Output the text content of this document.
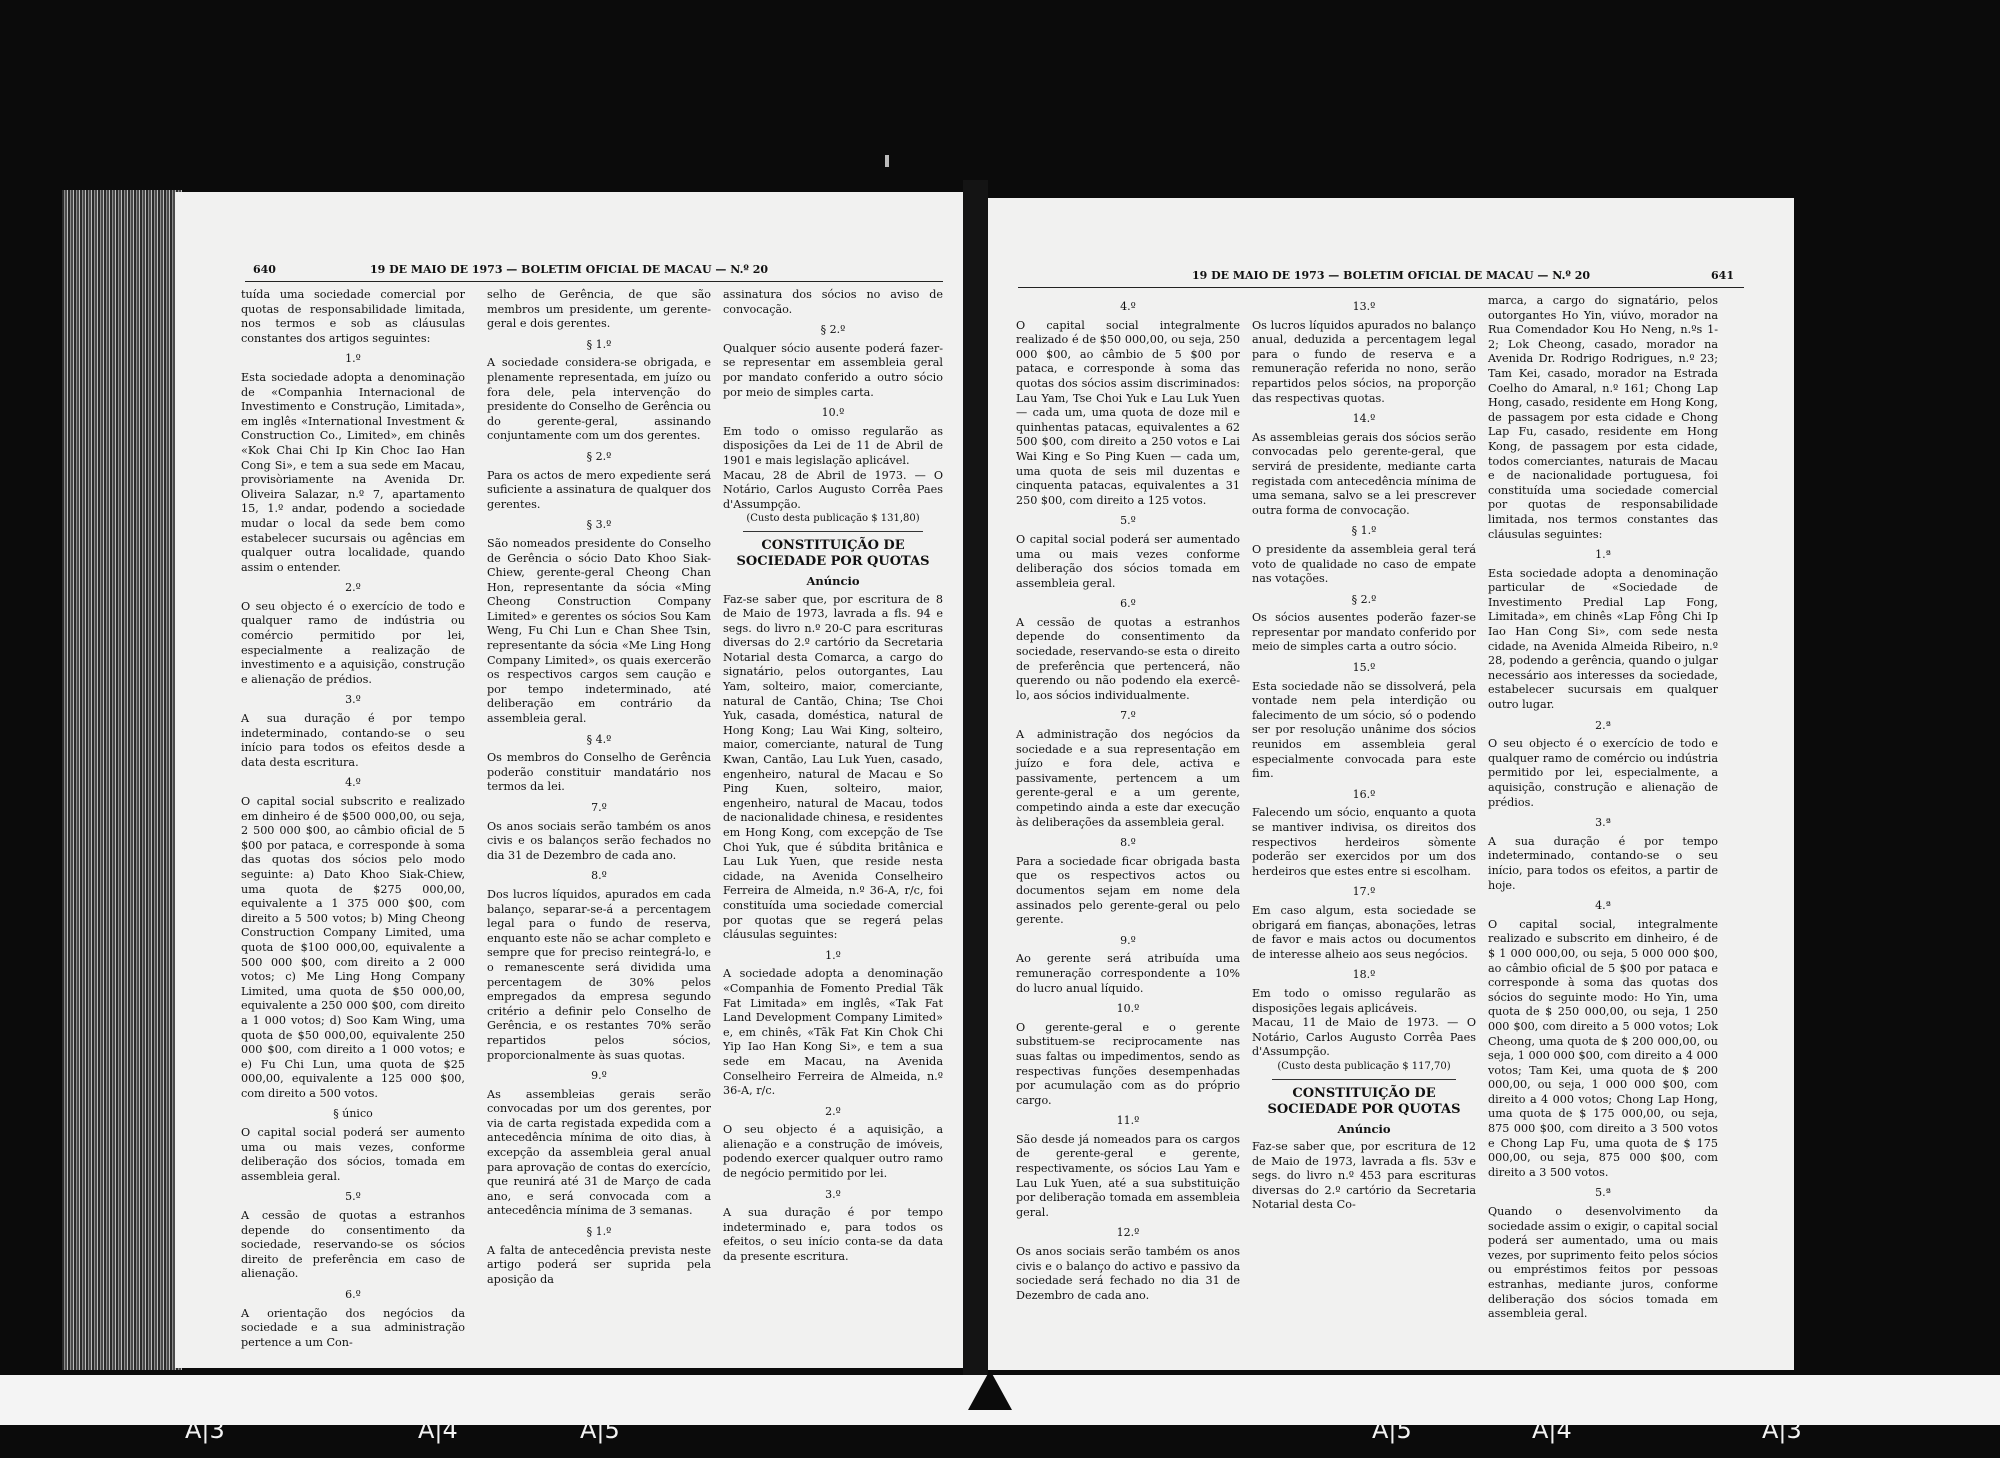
640	19 DE MAIO DE 1973 — BOLETIM OFICIAL DE MACAU — N.º 20
tuída uma sociedade comercial por quotas de responsabilidade limitada, nos termos e sob as cláusulas constantes dos artigos seguintes:
1.º
Esta sociedade adopta a denominação de «Companhia Internacional de Investimento e Construção, Limitada», em inglês «International Investment & Construction Co., Limited», em chinês «Kok Chai Chi Ip Kin Choc Iao Han Cong Si», e tem a sua sede em Macau, provisòriamente na Avenida Dr. Oliveira Salazar, n.º 7, apartamento 15, 1.º andar, podendo a sociedade mudar o local da sede bem como estabelecer sucursais ou agências em qualquer outra localidade, quando assim o entender.
2.º
O seu objecto é o exercício de todo e qualquer ramo de indústria ou comércio permitido por lei, especialmente a realização de investimento e a aquisição, construção e alienação de prédios.
3.º
A sua duração é por tempo indeterminado, contando-se o seu início para todos os efeitos desde a data desta escritura.
4.º
O capital social subscrito e realizado em dinheiro é de $500 000,00, ou seja, 2 500 000 $00, ao câmbio oficial de 5 $00 por pataca, e corresponde à soma das quotas dos sócios pelo modo seguinte: a) Dato Khoo Siak-Chiew, uma quota de $275 000,00, equivalente a 1 375 000 $00, com direito a 5 500 votos; b) Ming Cheong Construction Company Limited, uma quota de $100 000,00, equivalente a 500 000 $00, com direito a 2 000 votos; c) Me Ling Hong Company Limited, uma quota de $50 000,00, equivalente a 250 000 $00, com direito a 1 000 votos; d) Soo Kam Wing, uma quota de $50 000,00, equivalente 250 000 $00, com direito a 1 000 votos; e e) Fu Chi Lun, uma quota de $25 000,00, equivalente a 125 000 $00, com direito a 500 votos.
§ único
O capital social poderá ser aumento uma ou mais vezes, conforme deliberação dos sócios, tomada em assembleia geral.
5.º
A cessão de quotas a estranhos depende do consentimento da sociedade, reservando-se os sócios direito de preferência em caso de alienação.
6.º
A orientação dos negócios da sociedade e a sua administração pertence a um Con-
selho de Gerência, de que são membros um presidente, um gerente-geral e dois gerentes.
§ 1.º
A sociedade considera-se obrigada, e plenamente representada, em juízo ou fora dele, pela intervenção do presidente do Conselho de Gerência ou do gerente-geral, assinando conjuntamente com um dos gerentes.
§ 2.º
Para os actos de mero expediente será suficiente a assinatura de qualquer dos gerentes.
§ 3.º
São nomeados presidente do Conselho de Gerência o sócio Dato Khoo Siak-Chiew, gerente-geral Cheong Chan Hon, representante da sócia «Ming Cheong Construction Company Limited» e gerentes os sócios Sou Kam Weng, Fu Chi Lun e Chan Shee Tsin, representante da sócia «Me Ling Hong Company Limited», os quais exercerão os respectivos cargos sem caução e por tempo indeterminado, até deliberação em contrário da assembleia geral.
§ 4.º
Os membros do Conselho de Gerência poderão constituir mandatário nos termos da lei.
7.º
Os anos sociais serão também os anos civis e os balanços serão fechados no dia 31 de Dezembro de cada ano.
8.º
Dos lucros líquidos, apurados em cada balanço, separar-se-á a percentagem legal para o fundo de reserva, enquanto este não se achar completo e sempre que for preciso reintegrá-lo, e o remanescente será dividida uma percentagem de 30% pelos empregados da empresa segundo critério a definir pelo Conselho de Gerência, e os restantes 70% serão repartidos pelos sócios, proporcionalmente às suas quotas.
9.º
As assembleias gerais serão convocadas por um dos gerentes, por via de carta registada expedida com a antecedência mínima de oito dias, à excepção da assembleia geral anual para aprovação de contas do exercício, que reunirá até 31 de Março de cada ano, e será convocada com a antecedência mínima de 3 semanas.
§ 1.º
A falta de antecedência prevista neste artigo poderá ser suprida pela aposição da
assinatura dos sócios no aviso de convocação.
§ 2.º
Qualquer sócio ausente poderá fazer-se representar em assembleia geral por mandato conferido a outro sócio por meio de simples carta.
10.º
Em todo o omisso regularão as disposições da Lei de 11 de Abril de 1901 e mais legislação aplicável.
Macau, 28 de Abril de 1973. — O Notário, Carlos Augusto Corrêa Paes d'Assumpção.
(Custo desta publicação $ 131,80)
CONSTITUIÇÃO DE SOCIEDADE POR QUOTAS
Anúncio
Faz-se saber que, por escritura de 8 de Maio de 1973, lavrada a fls. 94 e segs. do livro n.º 20-C para escrituras diversas do 2.º cartório da Secretaria Notarial desta Comarca, a cargo do signatário, pelos outorgantes, Lau Yam, solteiro, maior, comerciante, natural de Cantão, China; Tse Choi Yuk, casada, doméstica, natural de Hong Kong; Lau Wai King, solteiro, maior, comerciante, natural de Tung Kwan, Cantão, Lau Luk Yuen, casado, engenheiro, natural de Macau e So Ping Kuen, solteiro, maior, engenheiro, natural de Macau, todos de nacionalidade chinesa, e residentes em Hong Kong, com excepção de Tse Choi Yuk, que é súbdita britânica e Lau Luk Yuen, que reside nesta cidade, na Avenida Conselheiro Ferreira de Almeida, n.º 36-A, r/c, foi constituída uma sociedade comercial por quotas que se regerá pelas cláusulas seguintes:
1.º
A sociedade adopta a denominação «Companhia de Fomento Predial Tãk Fat Limitada» em inglês, «Tak Fat Land Development Company Limited» e, em chinês, «Tãk Fat Kin Chok Chi Yip Iao Han Kong Si», e tem a sua sede em Macau, na Avenida Conselheiro Ferreira de Almeida, n.º 36-A, r/c.
2.º
O seu objecto é a aquisição, a alienação e a construção de imóveis, podendo exercer qualquer outro ramo de negócio permitido por lei.
3.º
A sua duração é por tempo indeterminado e, para todos os efeitos, o seu início conta-se da data da presente escritura.
19 DE MAIO DE 1973 — BOLETIM OFICIAL DE MACAU — N.º 20	641
4.º
O capital social integralmente realizado é de $50 000,00, ou seja, 250 000 $00, ao câmbio de 5 $00 por pataca, e corresponde à soma das quotas dos sócios assim discriminados: Lau Yam, Tse Choi Yuk e Lau Luk Yuen — cada um, uma quota de doze mil e quinhentas patacas, equivalentes a 62 500 $00, com direito a 250 votos e Lai Wai King e So Ping Kuen — cada um, uma quota de seis mil duzentas e cinquenta patacas, equivalentes a 31 250 $00, com direito a 125 votos.
5.º
O capital social poderá ser aumentado uma ou mais vezes conforme deliberação dos sócios tomada em assembleia geral.
6.º
A cessão de quotas a estranhos depende do consentimento da sociedade, reservando-se esta o direito de preferência que pertencerá, não querendo ou não podendo ela exercê-lo, aos sócios individualmente.
7.º
A administração dos negócios da sociedade e a sua representação em juízo e fora dele, activa e passivamente, pertencem a um gerente-geral e a um gerente, competindo ainda a este dar execução às deliberações da assembleia geral.
8.º
Para a sociedade ficar obrigada basta que os respectivos actos ou documentos sejam em nome dela assinados pelo gerente-geral ou pelo gerente.
9.º
Ao gerente será atribuída uma remuneração correspondente a 10% do lucro anual líquido.
10.º
O gerente-geral e o gerente substituem-se reciprocamente nas suas faltas ou impedimentos, sendo as respectivas funções desempenhadas por acumulação com as do próprio cargo.
11.º
São desde já nomeados para os cargos de gerente-geral e gerente, respectivamente, os sócios Lau Yam e Lau Luk Yuen, até a sua substituição por deliberação tomada em assembleia geral.
12.º
Os anos sociais serão também os anos civis e o balanço do activo e passivo da sociedade será fechado no dia 31 de Dezembro de cada ano.
13.º
Os lucros líquidos apurados no balanço anual, deduzida a percentagem legal para o fundo de reserva e a remuneração referida no nono, serão repartidos pelos sócios, na proporção das respectivas quotas.
14.º
As assembleias gerais dos sócios serão convocadas pelo gerente-geral, que servirá de presidente, mediante carta registada com antecedência mínima de uma semana, salvo se a lei prescrever outra forma de convocação.
§ 1.º
O presidente da assembleia geral terá voto de qualidade no caso de empate nas votações.
§ 2.º
Os sócios ausentes poderão fazer-se representar por mandato conferido por meio de simples carta a outro sócio.
15.º
Esta sociedade não se dissolverá, pela vontade nem pela interdição ou falecimento de um sócio, só o podendo ser por resolução unânime dos sócios reunidos em assembleia geral especialmente convocada para este fim.
16.º
Falecendo um sócio, enquanto a quota se mantiver indivisa, os direitos dos respectivos herdeiros sòmente poderão ser exercidos por um dos herdeiros que estes entre si escolham.
17.º
Em caso algum, esta sociedade se obrigará em fianças, abonações, letras de favor e mais actos ou documentos de interesse alheio aos seus negócios.
18.º
Em todo o omisso regularão as disposições legais aplicáveis.
Macau, 11 de Maio de 1973. — O Notário, Carlos Augusto Corrêa Paes d'Assumpção.
(Custo desta publicação $ 117,70)
CONSTITUIÇÃO DE SOCIEDADE POR QUOTAS
Anúncio
Faz-se saber que, por escritura de 12 de Maio de 1973, lavrada a fls. 53v e segs. do livro n.º 453 para escrituras diversas do 2.º cartório da Secretaria Notarial desta Co-
marca, a cargo do signatário, pelos outorgantes Ho Yin, viúvo, morador na Rua Comendador Kou Ho Neng, n.ºs 1-2; Lok Cheong, casado, morador na Avenida Dr. Rodrigo Rodrigues, n.º 23; Tam Kei, casado, morador na Estrada Coelho do Amaral, n.º 161; Chong Lap Hong, casado, residente em Hong Kong, de passagem por esta cidade e Chong Lap Fu, casado, residente em Hong Kong, de passagem por esta cidade, todos comerciantes, naturais de Macau e de nacionalidade portuguesa, foi constituída uma sociedade comercial por quotas de responsabilidade limitada, nos termos constantes das cláusulas seguintes:
1.ª
Esta sociedade adopta a denominação particular de «Sociedade de Investimento Predial Lap Fong, Limitada», em chinês «Lap Fông Chi Ip Iao Han Cong Si», com sede nesta cidade, na Avenida Almeida Ribeiro, n.º 28, podendo a gerência, quando o julgar necessário aos interesses da sociedade, estabelecer sucursais em qualquer outro lugar.
2.ª
O seu objecto é o exercício de todo e qualquer ramo de comércio ou indústria permitido por lei, especialmente, a aquisição, construção e alienação de prédios.
3.ª
A sua duração é por tempo indeterminado, contando-se o seu início, para todos os efeitos, a partir de hoje.
4.ª
O capital social, integralmente realizado e subscrito em dinheiro, é de $ 1 000 000,00, ou seja, 5 000 000 $00, ao câmbio oficial de 5 $00 por pataca e corresponde à soma das quotas dos sócios do seguinte modo: Ho Yin, uma quota de $ 250 000,00, ou seja, 1 250 000 $00, com direito a 5 000 votos; Lok Cheong, uma quota de $ 200 000,00, ou seja, 1 000 000 $00, com direito a 4 000 votos; Tam Kei, uma quota de $ 200 000,00, ou seja, 1 000 000 $00, com direito a 4 000 votos; Chong Lap Hong, uma quota de $ 175 000,00, ou seja, 875 000 $00, com direito a 3 500 votos e Chong Lap Fu, uma quota de $ 175 000,00, ou seja, 875 000 $00, com direito a 3 500 votos.
5.ª
Quando o desenvolvimento da sociedade assim o exigir, o capital social poderá ser aumentado, uma ou mais vezes, por suprimento feito pelos sócios ou empréstimos feitos por pessoas estranhas, mediante juros, conforme deliberação dos sócios tomada em assembleia geral.
A|3	A|4	A|5	A|5	A|4	A|3
